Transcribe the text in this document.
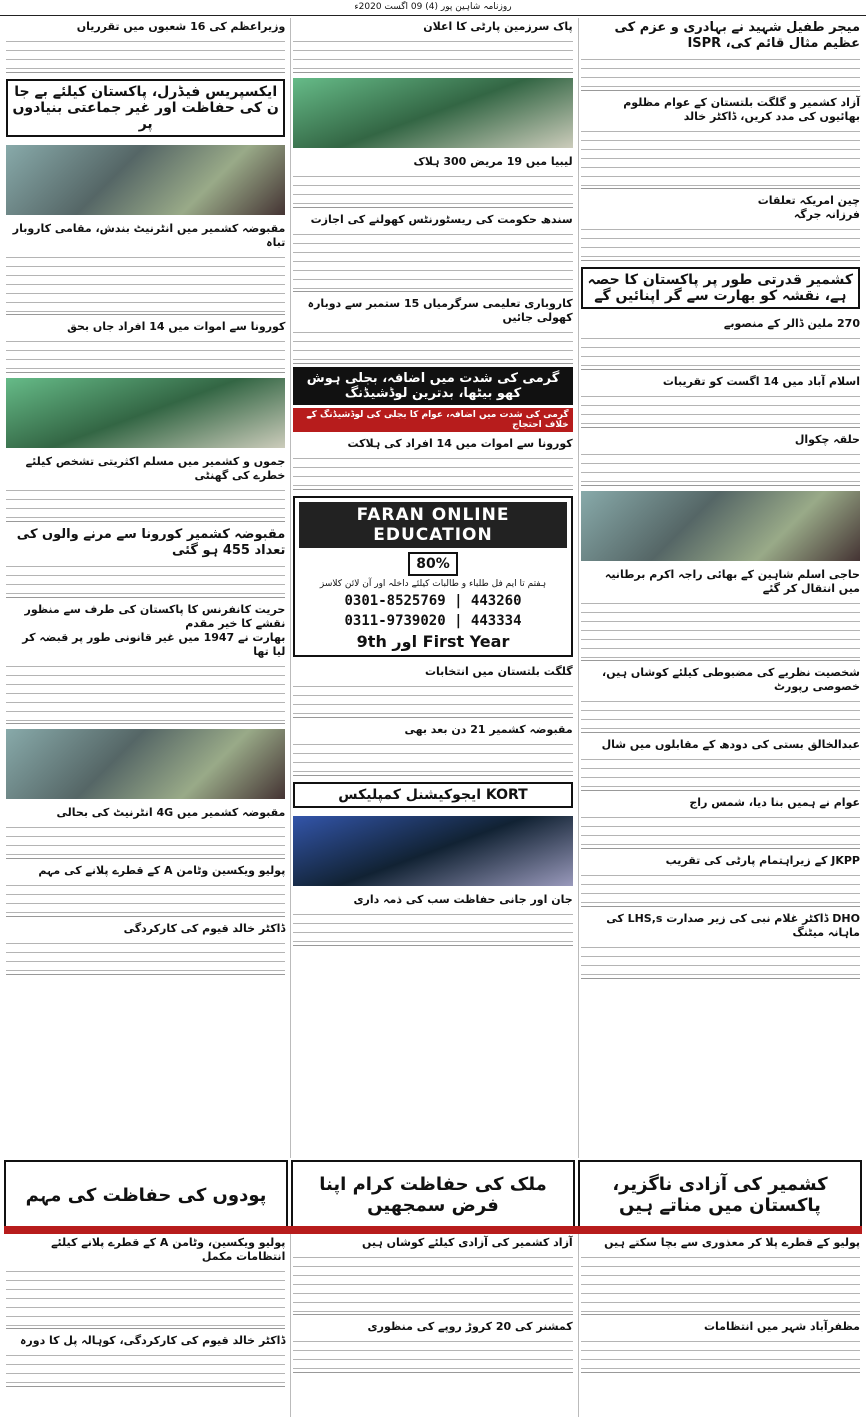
روزنامہ شاہین پور (4) 09 اگست 2020ء
میجر طفیل شہید نے بہادری و عزم کی عظیم مثال قائم کی، ISPR
آزاد کشمیر و گلگت بلتستان کے عوام مظلوم بھائیوں کی مدد کریں، ڈاکٹر خالد
چین امریکہ تعلقات
فرزانہ جرگہ
کشمیر قدرتی طور پر پاکستان کا حصہ ہے، نقشہ کو بھارت سے گر اپنائیں گے
270 ملین ڈالر کے منصوبے
اسلام آباد میں 14 اگست کو تقریبات
حلقہ چکوال
حاجی اسلم شاہین کے بھائی راجہ اکرم برطانیہ میں انتقال کر گئے
شخصیت نظریے کی مضبوطی کیلئے کوشاں ہیں، خصوصی رپورٹ
عبدالخالق بستی کی دودھ کے مقابلوں میں شال
عوام نے ہمیں بنا دیا، شمس راج
JKPP کے زیراہتمام پارٹی کی تقریب
DHO ڈاکٹر غلام نبی کی زیر صدارت LHS,s کی ماہانہ میٹنگ
پاک سرزمین پارٹی کا اعلان
لیبیا میں 19 مریض 300 ہلاک
سندھ حکومت کی ریسٹورنٹس کھولنے کی اجازت
کاروباری تعلیمی سرگرمیاں 15 ستمبر سے دوبارہ کھولی جائیں
گرمی کی شدت میں اضافہ، بجلی ہوش کھو بیٹھا، بدترین لوڈشیڈنگ
گرمی کی شدت میں اضافہ، عوام کا بجلی کی لوڈشیڈنگ کے خلاف احتجاج
کورونا سے اموات میں 14 افراد کی ہلاکت
FARAN ONLINE EDUCATION
80%
ہفتم تا ایم فل طلباء و طالبات کیلئے داخلہ اور آن لائن کلاسز
0301-8525769 | 443260
0311-9739020 | 443334
9th اور First Year
گلگت بلتستان میں انتخابات
مقبوضہ کشمیر 21 دن بعد بھی
KORT ایجوکیشنل کمپلیکس
جان اور جانی حفاظت سب کی ذمہ داری
وزیراعظم کی 16 شعبوں میں تقرریاں
ایکسپریس فیڈرل، پاکستان کیلئے بے جا ن کی حفاظت اور غیر جماعتی بنیادوں پر
مقبوضہ کشمیر میں انٹرنیٹ بندش، مقامی کاروبار تباہ
کورونا سے اموات میں 14 افراد جاں بحق
جموں و کشمیر میں مسلم اکثریتی تشخص کیلئے خطرے کی گھنٹی
مقبوضہ کشمیر کورونا سے مرنے والوں کی تعداد 455 ہو گئی
حریت کانفرنس کا پاکستان کی طرف سے منظور نقشے کا خیر مقدم
بھارت نے 1947 میں غیر قانونی طور پر قبضہ کر لیا تھا
مقبوضہ کشمیر میں 4G انٹرنیٹ کی بحالی
پولیو ویکسین وٹامن A کے قطرے پلانے کی مہم
ڈاکٹر خالد قیوم کی کارکردگی
کشمیر کی آزادی ناگزیر، پاکستان میں مناتے ہیں
ملک کی حفاظت کرام اپنا فرض سمجھیں
پودوں کی حفاظت کی مہم
پولیو کے قطرے پلا کر معذوری سے بچا سکتے ہیں
مظفرآباد شہر میں انتظامات
آزاد کشمیر کی آزادی کیلئے کوشاں ہیں
کمشنر کی 20 کروڑ روپے کی منظوری
پولیو ویکسین، وٹامن A کے قطرے پلانے کیلئے انتظامات مکمل
ڈاکٹر خالد قیوم کی کارکردگی، کوہالہ پل کا دورہ
